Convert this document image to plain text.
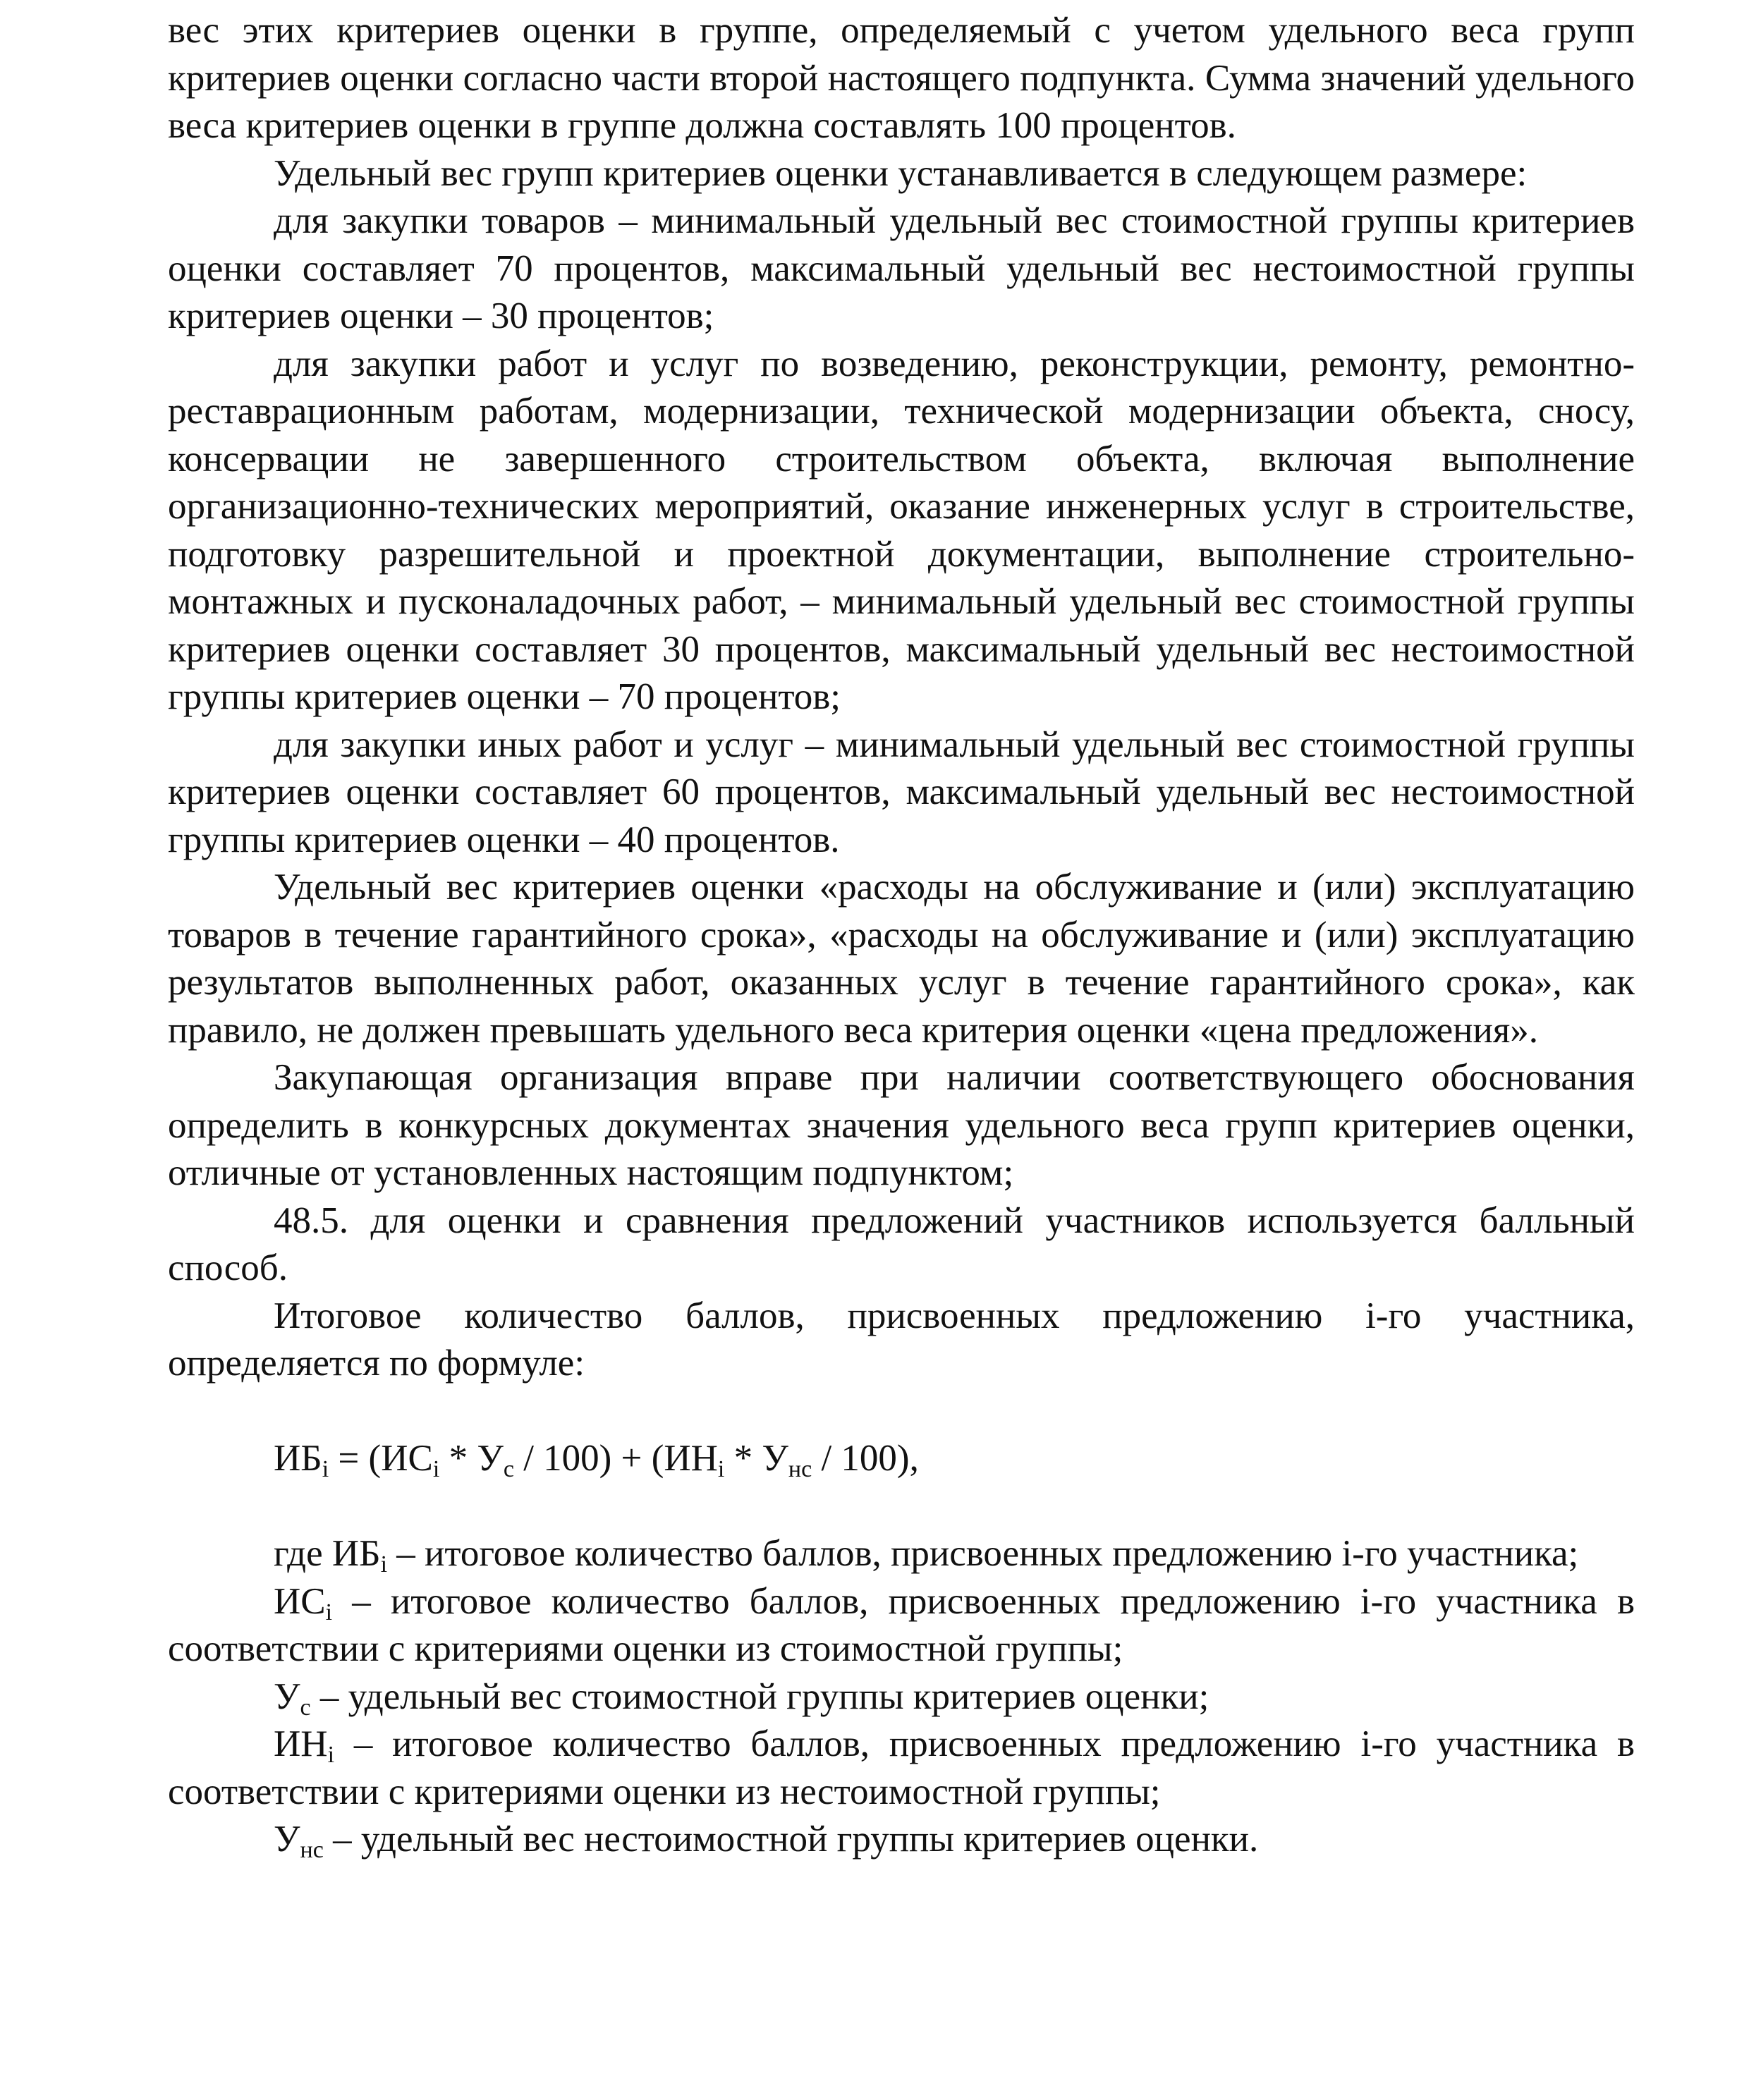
вес этих критериев оценки в группе, определяемый с учетом удельного веса групп критериев оценки согласно части второй настоящего подпункта. Сумма значений удельного веса критериев оценки в группе должна составлять 100 процентов.

Удельный вес групп критериев оценки устанавливается в следующем размере:

для закупки товаров – минимальный удельный вес стоимостной группы критериев оценки составляет 70 процентов, максимальный удельный вес нестоимостной группы критериев оценки – 30 процентов;

для закупки работ и услуг по возведению, реконструкции, ремонту, ремонтно-реставрационным работам, модернизации, технической модернизации объекта, сносу, консервации не завершенного строительством объекта, включая выполнение организационно-технических мероприятий, оказание инженерных услуг в строительстве, подготовку разрешительной и проектной документации, выполнение строительно-монтажных и пусконаладочных работ, – минимальный удельный вес стоимостной группы критериев оценки составляет 30 процентов, максимальный удельный вес нестоимостной группы критериев оценки – 70 процентов;

для закупки иных работ и услуг – минимальный удельный вес стоимостной группы критериев оценки составляет 60 процентов, максимальный удельный вес нестоимостной группы критериев оценки – 40 процентов.

Удельный вес критериев оценки «расходы на обслуживание и (или) эксплуатацию товаров в течение гарантийного срока», «расходы на обслуживание и (или) эксплуатацию результатов выполненных работ, оказанных услуг в течение гарантийного срока», как правило, не должен превышать удельного веса критерия оценки «цена предложения».

Закупающая организация вправе при наличии соответствующего обоснования определить в конкурсных документах значения удельного веса групп критериев оценки, отличные от установленных настоящим подпунктом;

48.5. для оценки и сравнения предложений участников используется балльный способ.

Итоговое количество баллов, присвоенных предложению i-го участника, определяется по формуле:

$ИБ_i = (ИС_i * У_с / 100) + (ИН_i * У_{нс} / 100)$,

где $ИБ_i$ – итоговое количество баллов, присвоенных предложению i-го участника;

$ИС_i$ – итоговое количество баллов, присвоенных предложению i-го участника в соответствии с критериями оценки из стоимостной группы;

$У_с$ – удельный вес стоимостной группы критериев оценки;

$ИН_i$ – итоговое количество баллов, присвоенных предложению i-го участника в соответствии с критериями оценки из нестоимостной группы;

$У_{нс}$ – удельный вес нестоимостной группы критериев оценки.
